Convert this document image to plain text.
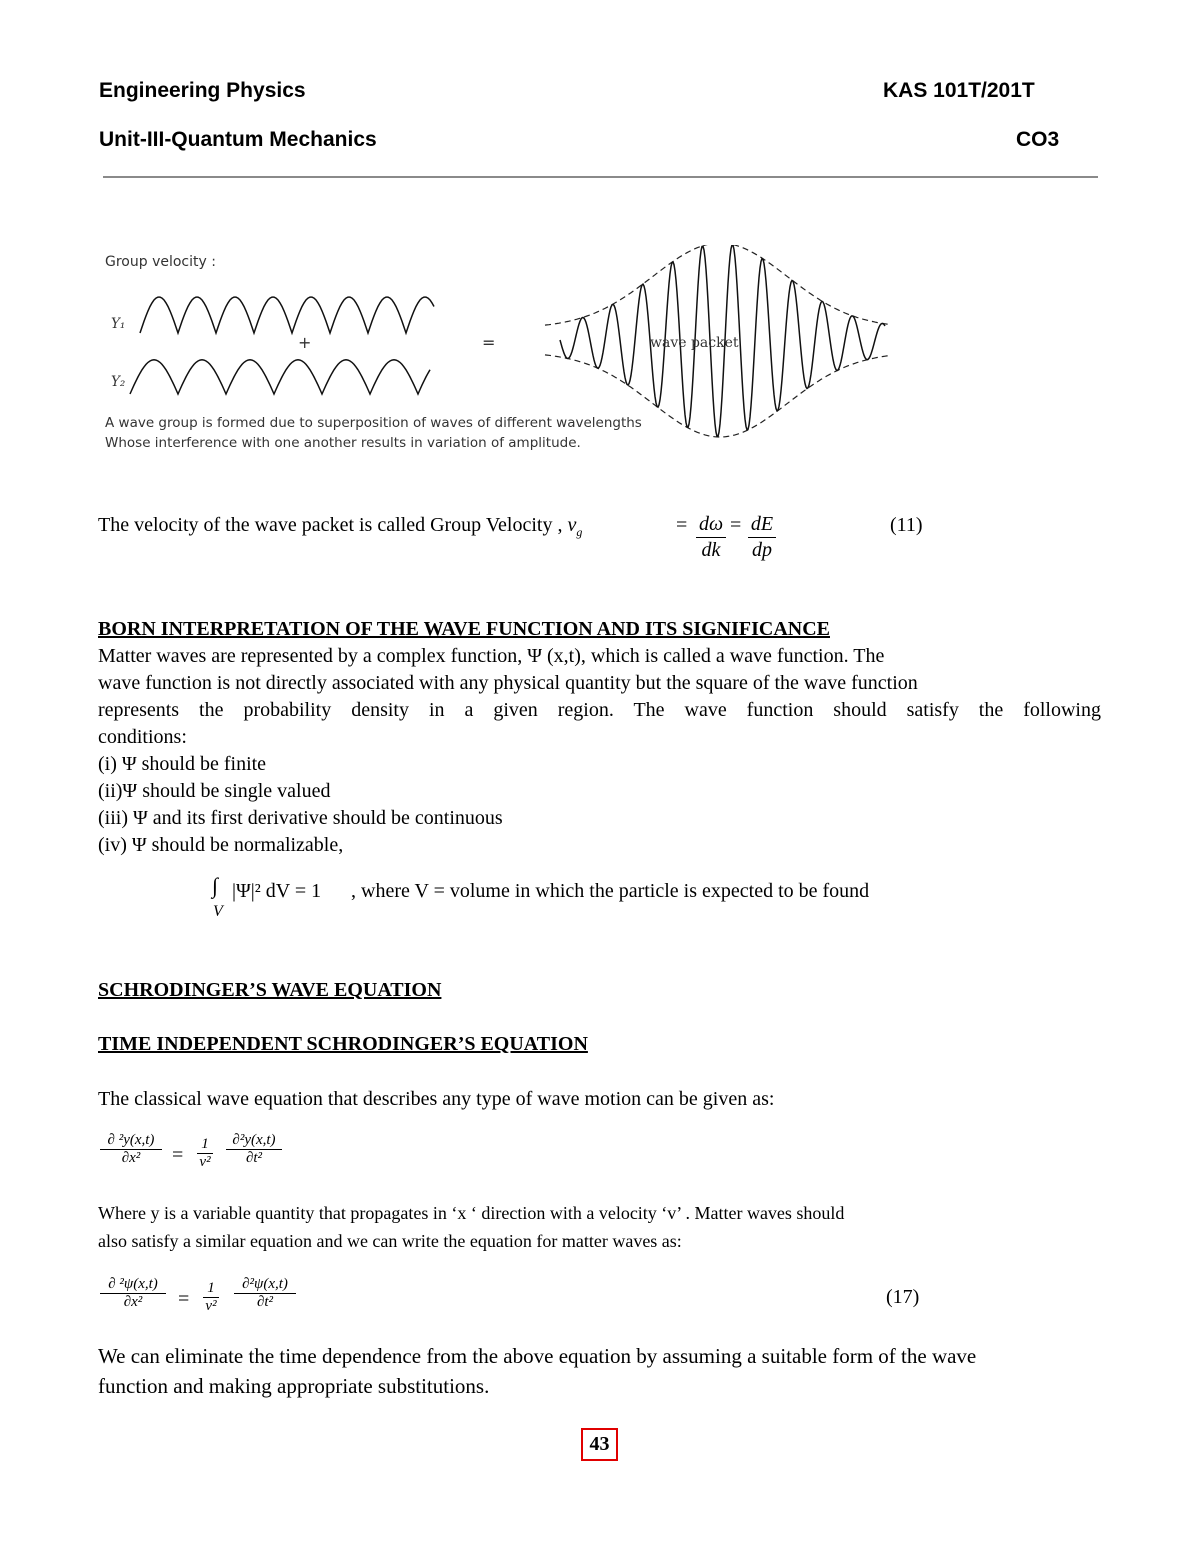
Engineering Physics	KAS 101T/201T
Unit-III-Quantum Mechanics	CO3
Group velocity :
Y₁
Y₂
+	=	wave packet
A wave group is formed due to superposition of waves of different wavelengths
Whose interference with one another results in variation of amplitude.
The velocity of the wave packet is called Group Velocity , $v_g$	= $\frac{d\omega}{dk} = \frac{dE}{dp}$	(11)
BORN INTERPRETATION OF THE WAVE FUNCTION AND ITS SIGNIFICANCE
Matter waves are represented by a complex function, Ψ (x,t), which is called a wave function. The
wave function is not directly associated with any physical quantity but the square of the wave function
represents the probability density in a given region. The wave function should satisfy the following
conditions:
(i) Ψ should be finite
(ii)Ψ should be single valued
(iii) Ψ and its first derivative should be continuous
(iv) Ψ should be normalizable,
∫
V
|Ψ|² dV = 1 , where V = volume in which the particle is expected to be found
SCHRODINGER’S WAVE EQUATION
TIME INDEPENDENT SCHRODINGER’S EQUATION
The classical wave equation that describes any type of wave motion can be given as:
$\frac{\text{∂ ²y(x,t)}}{\text{∂x²}} = \frac{1}{\text{v²}} \frac{\text{∂²y(x,t)}}{\text{∂t²}}$
Where y is a variable quantity that propagates in ‘x ‘ direction with a velocity ‘v’ . Matter waves should
also satisfy a similar equation and we can write the equation for matter waves as:
$\frac{\text{∂ ²ψ(x,t)}}{\text{∂x²}} = \frac{1}{\text{v²}} \frac{\text{∂²ψ(x,t)}}{\text{∂t²}}$	(17)
We can eliminate the time dependence from the above equation by assuming a suitable form of the wave
function and making appropriate substitutions.
43
